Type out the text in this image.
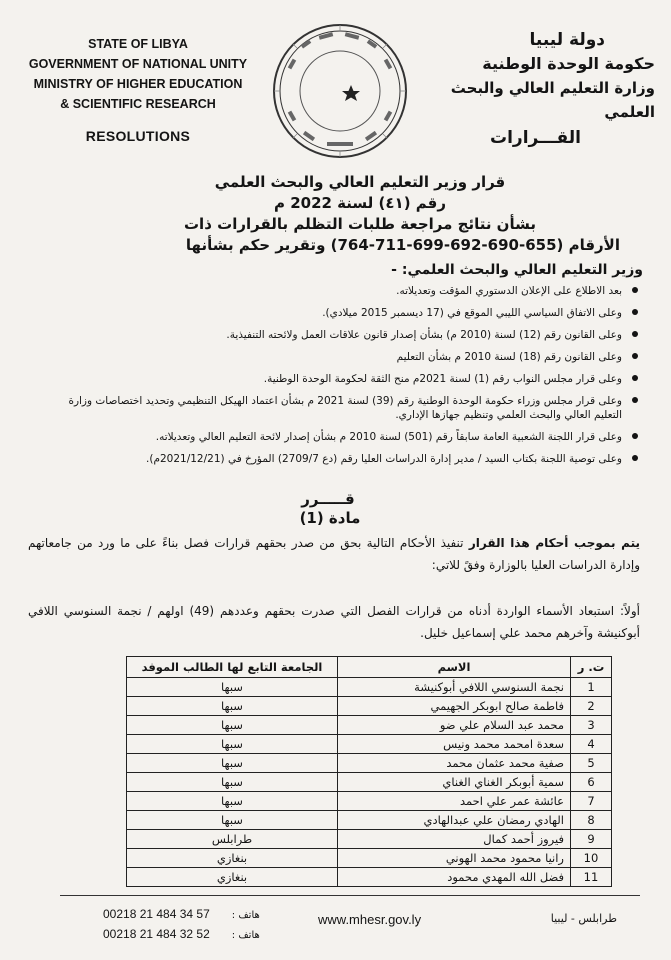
STATE OF LIBYA
GOVERNMENT OF NATIONAL UNITY
MINISTRY OF HIGHER EDUCATION
& SCIENTIFIC RESEARCH
RESOLUTIONS
دولة ليبيا
حكومة الوحدة الوطنية
وزارة التعليم العالي والبحث العلمي
القـــرارات
قرار وزير التعليم العالي والبحث العلمي
رقم (٤١) لسنة 2022 م
بشأن نتائج مراجعة طلبات التظلم بالقرارات ذات
الأرقام (655-690-692-699-711-764) وتقرير حكم بشأنها
وزير التعليم العالي والبحث العلمي: -
بعد الاطلاع على الإعلان الدستوري المؤقت وتعديلاته.
وعلى الاتفاق السياسي الليبي الموقع في (17 ديسمبر 2015 ميلادي).
وعلى القانون رقم (12) لسنة (2010 م) بشأن إصدار قانون علاقات العمل ولائحته التنفيذية.
وعلى القانون رقم (18) لسنة 2010 م بشأن التعليم
وعلى قرار مجلس النواب رقم (1) لسنة 2021م منح الثقة لحكومة الوحدة الوطنية.
وعلى قرار مجلس وزراء حكومة الوحدة الوطنية رقم (39) لسنة 2021 م بشأن اعتماد الهيكل التنظيمي وتحديد اختصاصات وزارة التعليم العالي والبحث العلمي وتنظيم جهازها الإداري.
وعلى قرار اللجنة الشعبية العامة سابقاً رقم (501) لسنة 2010 م بشأن إصدار لائحة التعليم العالي وتعديلاته.
وعلى توصية اللجنة بكتاب السيد / مدير إدارة الدراسات العليا رقم (دع 2709/7) المؤرخ في (2021/12/21م).
قـــــرر
مادة (1)
يتم بموجب أحكام هذا القرار تنفيذ الأحكام التالية بحق من صدر بحقهم قرارات فصل بناءً على ما ورد من جامعاتهم وإدارة الدراسات العليا بالوزارة وفقً للاتي:
أولاً: استبعاد الأسماء الواردة أدناه من قرارات الفصل التي صدرت بحقهم وعددهم (49) اولهم / نجمة السنوسي اللافي أبوكنيشة وآخرهم محمد علي إسماعيل خليل.
ت. ر	الاسم	الجامعة التابع لها الطالب الموفد
1	نجمة السنوسي اللافي أبوكنيشة	سبها
2	فاطمة صالح ابوبكر الجهيمي	سبها
3	محمد عبد السلام علي ضو	سبها
4	سعدة امحمد محمد ونيس	سبها
5	صفية محمد عثمان محمد	سبها
6	سمية أبوبكر الغناي الغناي	سبها
7	عائشة عمر علي احمد	سبها
8	الهادي رمضان علي عبدالهادي	سبها
9	فيروز أحمد كمال	طرابلس
10	رانيا محمود محمد الهوني	بنغازي
11	فضل الله المهدي محمود	بنغازي
00218 21 484 34 57 هاتف :
00218 21 484 32 52 هاتف :
www.mhesr.gov.ly	طرابلس - ليبيا
